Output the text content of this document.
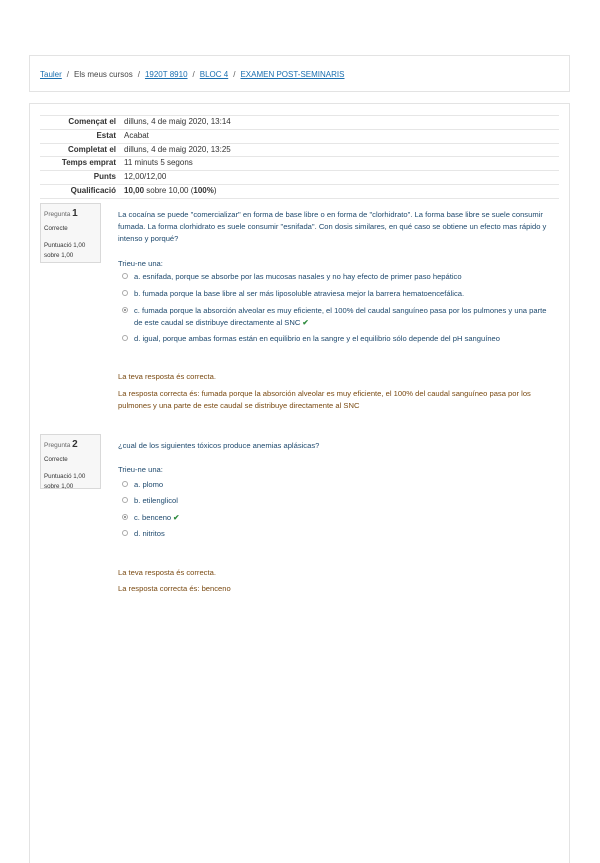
Tauler / Els meus cursos / 1920T 8910 / BLOC 4 / EXAMEN POST-SEMINARIS
Començat el	dilluns, 4 de maig 2020, 13:14
Estat	Acabat
Completat el	dilluns, 4 de maig 2020, 13:25
Temps emprat	11 minuts 5 segons
Punts	12,00/12,00
Qualificació	10,00 sobre 10,00 (100%)
Pregunta 1
Correcte
Puntuació 1,00
sobre 1,00
La cocaína se puede "comercializar" en forma de base libre o en forma de "clorhidrato". La forma base libre se suele consumir fumada. La forma clorhidrato es suele consumir "esnifada". Con dosis similares, en qué caso se obtiene un efecto mas rápido y intenso y porqué?
Trieu-ne una:
a. esnifada, porque se absorbe por las mucosas nasales y no hay efecto de primer paso hepático
b. fumada porque la base libre al ser más liposoluble atraviesa mejor la barrera hematoencefálica.
c. fumada porque la absorción alveolar es muy eficiente, el 100% del caudal sanguíneo pasa por los pulmones y una parte de este caudal se distribuye directamente al SNC ✔
d. igual, porque ambas formas están en equilibrio en la sangre y el equilibrio sólo depende del pH sanguíneo
La teva resposta és correcta.
La resposta correcta és: fumada porque la absorción alveolar es muy eficiente, el 100% del caudal sanguíneo pasa por los pulmones y una parte de este caudal se distribuye directamente al SNC
Pregunta 2
Correcte
Puntuació 1,00
sobre 1,00
¿cual de los siguientes tóxicos produce anemias aplásicas?
Trieu-ne una:
a. plomo
b. etilenglicol
c. benceno ✔
d. nitritos
La teva resposta és correcta.
La resposta correcta és: benceno
